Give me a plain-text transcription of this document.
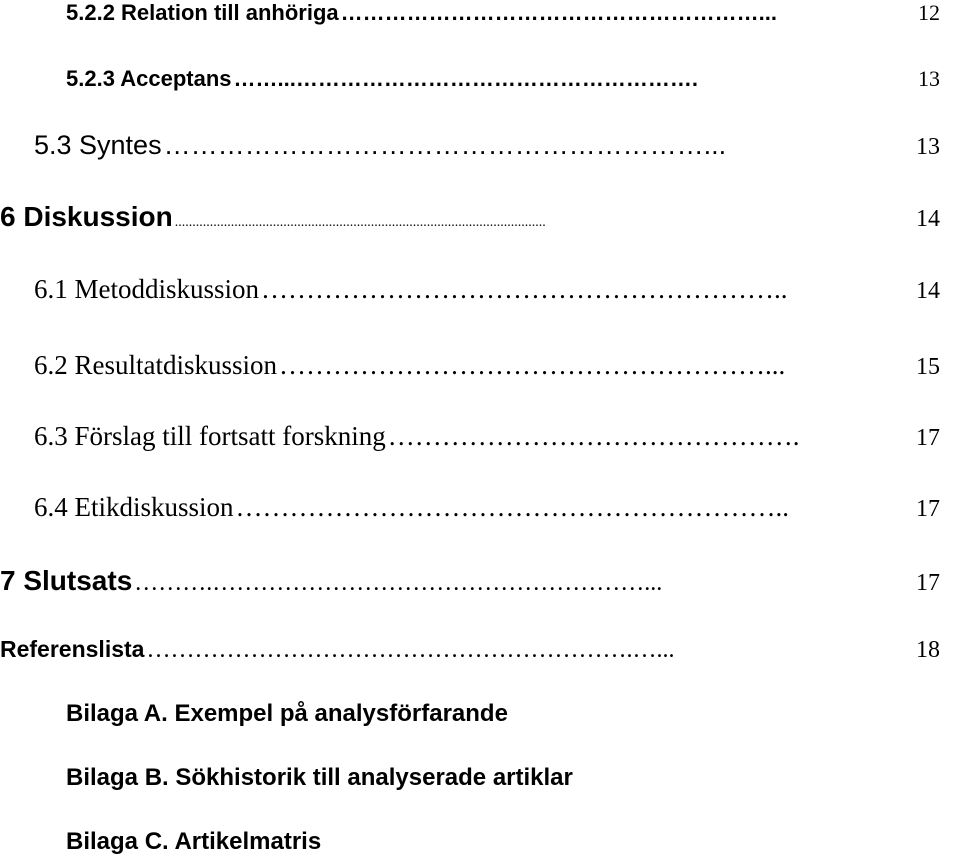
5.2.2 Relation till anhöriga …………………………………………………...	12
5.2.3 Acceptans ……...……………………………………………….	13
5.3 Syntes ……………………………………………………...	13
6 Diskussion ..........................................................................................................	14
6.1 Metoddiskussion …………………………………………………..	14
6.2 Resultatdiskussion ………………………………………………...	15
6.3 Förslag till fortsatt forskning ……………………………………….	17
6.4 Etikdiskussion ……………………………………………………..	17
7 Slutsats ……….………………………………………………...	17
Referenslista …………………………………………………….…...	18
Bilaga A. Exempel på analysförfarande
Bilaga B. Sökhistorik till analyserade artiklar
Bilaga C. Artikelmatris
